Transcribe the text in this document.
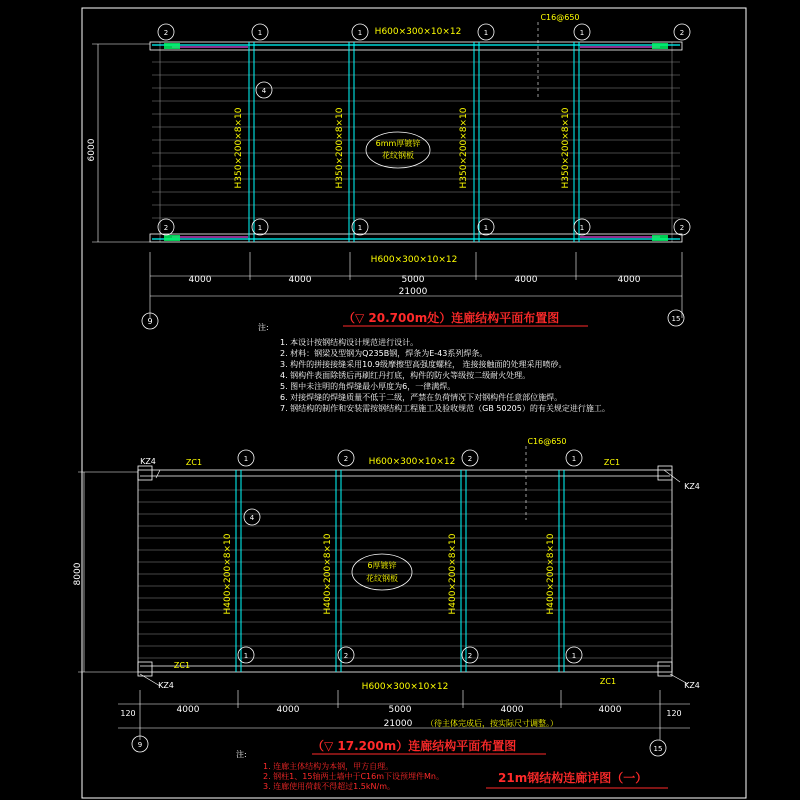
H600×300×10×12
C16@650
H600×300×10×12
6mm厚镀锌
花纹钢板
H350×200×8×10	H350×200×8×10	H350×200×8×10	H350×200×8×10
6000
4000	4000	5000	4000	4000
21000
9	15
4
2	1	1	1	1	2
2	1	1	1	1	2
（▽ 20.700m处）连廊结构平面布置图
H600×300×10×12
C16@650
H600×300×10×12
6厚镀锌
花纹钢板
H400×200×8×10	H400×200×8×10	H400×200×8×10	H400×200×8×10
8000
4000	4000	5000	4000	4000
120	120
21000 （待主体完成后，按实际尺寸调整。）
KZ4
KZ4
KZ4	KZ4
ZC1	ZC1
ZC1
ZC1
9	15
4
1	2	2	1
1	2	2	1
（▽ 17.200m）连廊结构平面布置图
21m钢结构连廊详图（一）
注:
注:
1. 本设计按钢结构设计规范进行设计。
2. 材料：钢梁及型钢为Q235B钢，焊条为E-43系列焊条。
3. 构件的拼接接缝采用10.9级摩擦型高强度螺栓， 连接接触面的处理采用喷砂。
4. 钢构件表面除锈后再刷红丹打底，构件的防火等级按二级耐火处理。
5. 图中未注明的角焊缝最小厚度为6，一律满焊。
6. 对接焊缝的焊缝质量不低于二级，严禁在负荷情况下对钢构件任意部位施焊。
7. 钢结构的制作和安装需按钢结构工程施工及验收规范（GB 50205）的有关规定进行施工。
1. 连廊主体结构为本钢，甲方自理。
2. 钢柱1、15轴两土墙中于C16m下设预埋件Mn。
3. 连廊使用荷载不得超过1.5kN/m。
